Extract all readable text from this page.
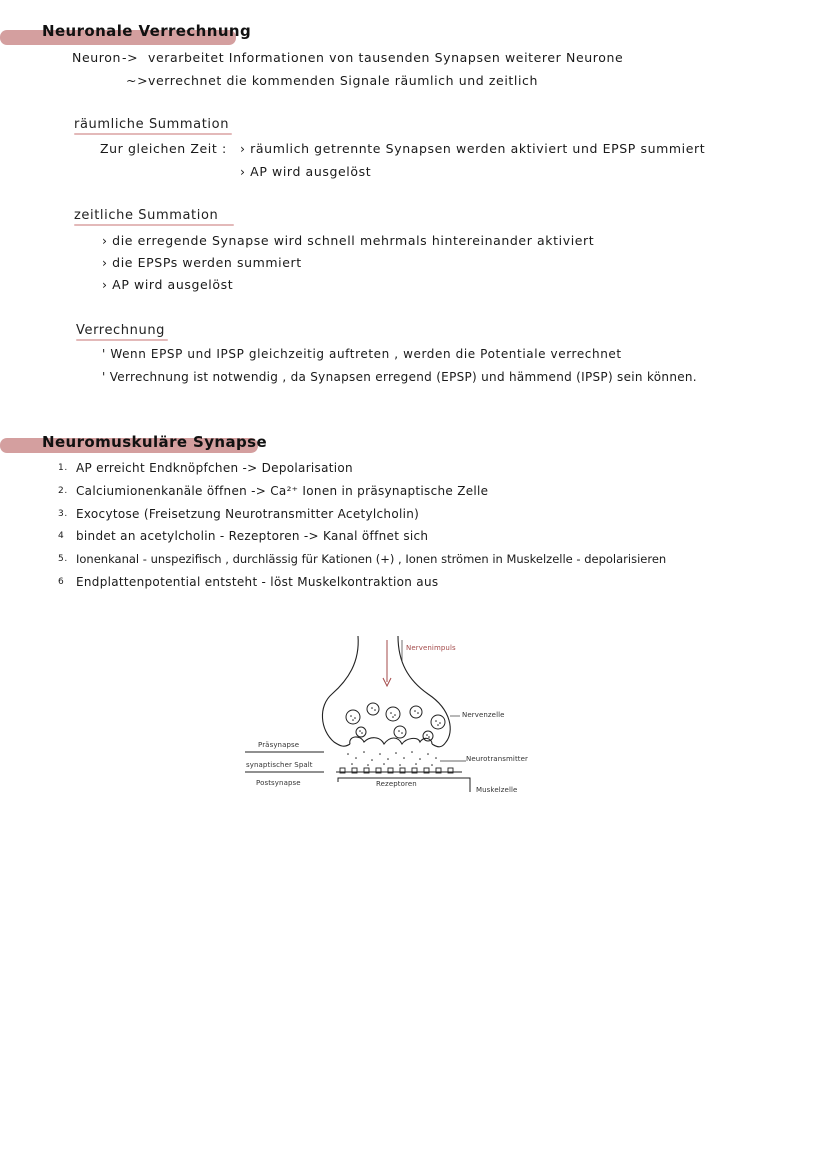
Neuronale Verrechnung
Neuron -> verarbeitet Informationen von tausenden Synapsen weiterer Neurone
~> verrechnet die kommenden Signale räumlich und zeitlich
räumliche Summation
Zur gleichen Zeit : › räumlich getrennte Synapsen werden aktiviert und EPSP summiert
› AP wird ausgelöst
zeitliche Summation
› die erregende Synapse wird schnell mehrmals hintereinander aktiviert
› die EPSPs werden summiert
› AP wird ausgelöst
Verrechnung
' Wenn EPSP und IPSP gleichzeitig auftreten , werden die Potentiale verrechnet
' Verrechnung ist notwendig , da Synapsen erregend (EPSP) und hämmend (IPSP) sein können.
Neuromuskuläre Synapse
1. AP erreicht Endknöpfchen -> Depolarisation
2. Calciumionenkanäle öffnen -> Ca²⁺ Ionen in präsynaptische Zelle
3. Exocytose (Freisetzung Neurotransmitter Acetylcholin)
4 bindet an acetylcholin - Rezeptoren -> Kanal öffnet sich
5. Ionenkanal - unspezifisch , durchlässig für Kationen (+) , Ionen strömen in Muskelzelle - depolarisieren
6 Endplattenpotential entsteht - löst Muskelkontraktion aus
Nervenimpuls
Nervenzelle
Präsynapse
Neurotransmitter
synaptischer Spalt
Postsynapse	Rezeptoren
Muskelzelle
